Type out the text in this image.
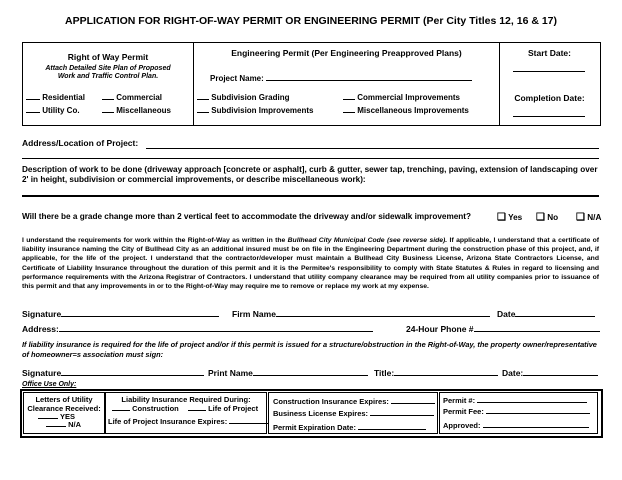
APPLICATION FOR RIGHT-OF-WAY PERMIT OR ENGINEERING PERMIT (Per City Titles 12, 16 & 17)
Right of Way Permit
Attach Detailed Site Plan of Proposed
Work and Traffic Control Plan.
Residential	Commercial
Utility Co.	Miscellaneous
Engineering Permit (Per Engineering Preapproved Plans)
Project Name:
Subdivision Grading	Commercial Improvements
Subdivision Improvements	Miscellaneous Improvements
Start Date:
Completion Date:
Address/Location of Project:
Description of work to be done (driveway approach [concrete or asphalt], curb & gutter, sewer tap, trenching, paving, extension of landscaping over 2' in height, subdivision or commercial improvements, or describe miscellaneous work):
Will there be a grade change more than 2 vertical feet to accommodate the driveway and/or sidewalk improvement?	❏ Yes ❏ No ❏ N/A
I understand the requirements for work within the Right-of-Way as written in the Bullhead City Municipal Code (see reverse side). If applicable, I understand that a certificate of liability insurance naming the City of Bullhead City as an additional insured must be on file in the Engineering Department during the construction phase of this project, and, if applicable, for the life of the project. I understand that the contractor/developer must maintain a Bullhead City Business License, Arizona State Contractors License, and Certificate of Liability Insurance throughout the duration of this permit and it is the Permitee's responsibility to comply with State Statutes & Rules in regard to licensing and performance requirements with the Arizona Registrar of Contractors. I understand that utility company clearance may be required from all utility companies prior to issuance of this permit and that any improvements in or to the Right-of-Way may require me to remove or replace my work at my expense.
Signature	Firm Name	Date
Address:	24-Hour Phone #
If liability insurance is required for the life of project and/or if this permit is issued for a structure/obstruction in the Right-of-Way, the property owner/representative of homeowner=s association must sign:
Signature	Print Name	Title:	Date:
Office Use Only:
Letters of Utility
Clearance Received:
YES
N/A
Liability Insurance Required During:
Construction	Life of Project
Life of Project Insurance Expires:
Construction Insurance Expires:
Business License Expires:
Permit Expiration Date:
Permit #:
Permit Fee:
Approved:
